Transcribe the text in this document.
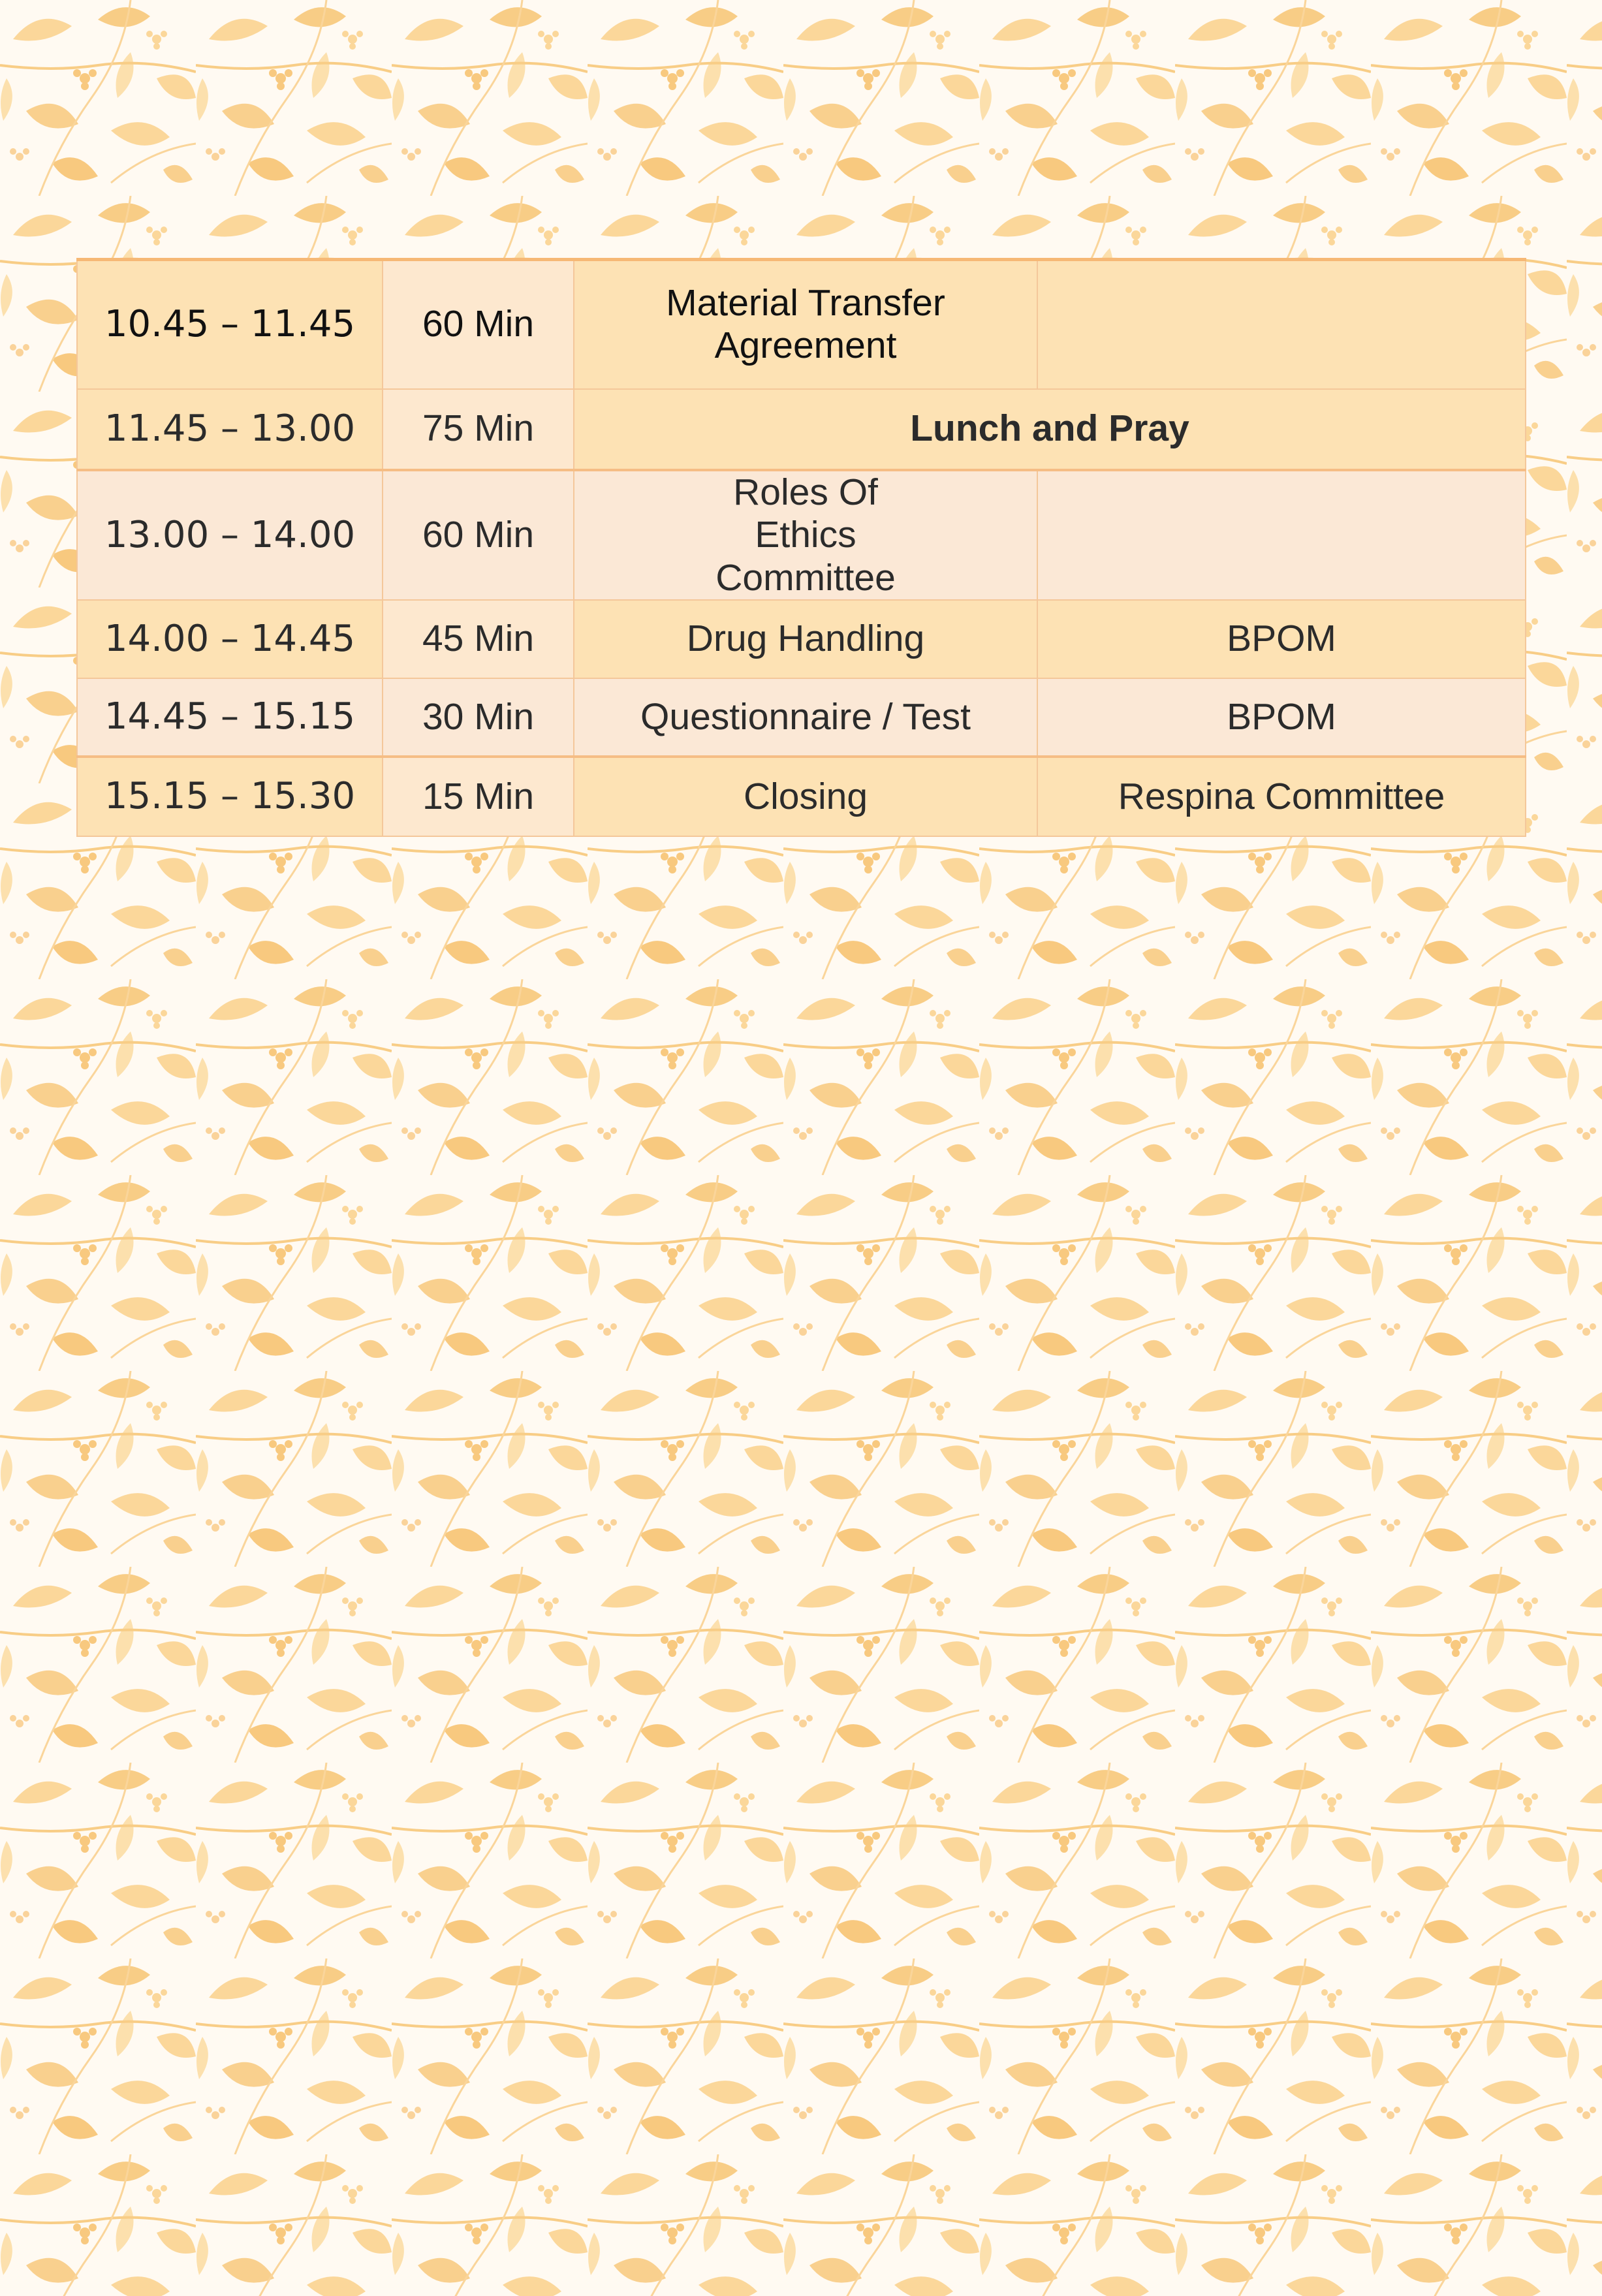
10.45 – 11.45	60 Min	Material Transfer Agreement	
11.45 – 13.00	75 Min	Lunch and Pray	
13.00 – 14.00	60 Min	Roles Of Ethics Committee	
14.00 – 14.45	45 Min	Drug Handling	BPOM
14.45 – 15.15	30 Min	Questionnaire / Test	BPOM
15.15 – 15.30	15 Min	Closing	Respina Committee
